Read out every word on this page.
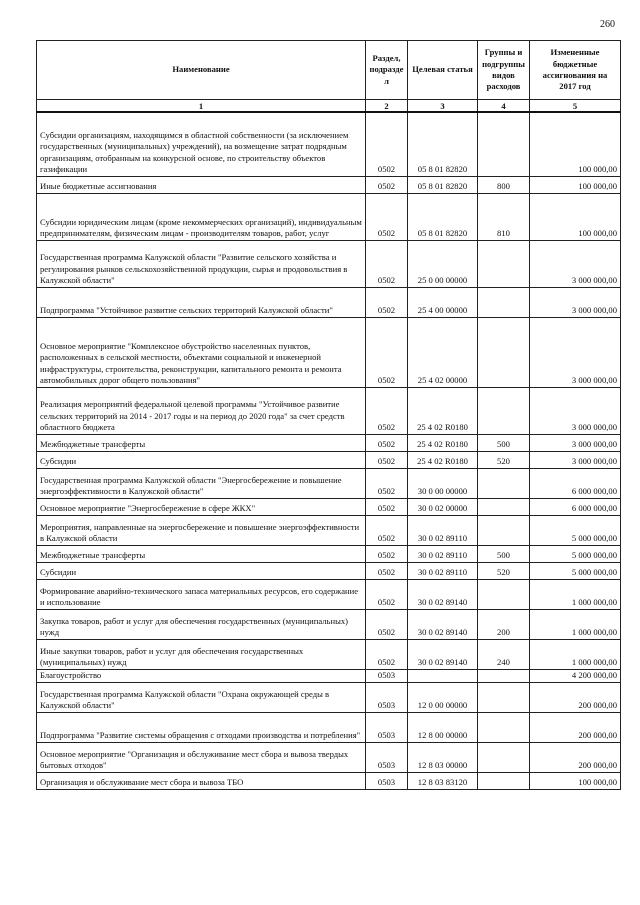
260
Наименование	Раздел, подразде л	Целевая статья	Группы и подгруппы видов расходов	Измененные бюджетные ассигнования на 2017 год
1	2	3	4	5
Субсидии организациям, находящимся в областной собственности (за исключением государственных (муниципальных) учреждений), на возмещение затрат подрядным организациям, отобранным на конкурсной основе, по строительству объектов газификации	0502	05 8 01 82820		100 000,00
Иные бюджетные ассигнования	0502	05 8 01 82820	800	100 000,00
Субсидии юридическим лицам (кроме некоммерческих организаций), индивидуальным предпринимателям, физическим лицам - производителям товаров, работ, услуг	0502	05 8 01 82820	810	100 000,00
Государственная программа Калужской области "Развитие сельского хозяйства и регулирования рынков сельскохозяйственной продукции, сырья и продовольствия в Калужской области"	0502	25 0 00 00000		3 000 000,00
Подпрограмма "Устойчивое развитие сельских территорий Калужской области"	0502	25 4 00 00000		3 000 000,00
Основное мероприятие "Комплексное обустройство населенных пунктов, расположенных в сельской местности, объектами социальной и инженерной инфраструктуры, строительства, реконструкции, капитального ремонта и ремонта автомобильных дорог общего пользования"	0502	25 4 02 00000		3 000 000,00
Реализация мероприятий федеральной целевой программы "Устойчивое развитие сельских территорий на 2014 - 2017 годы и на период до 2020 года" за счет средств областного бюджета	0502	25 4 02 R0180		3 000 000,00
Межбюджетные трансферты	0502	25 4 02 R0180	500	3 000 000,00
Субсидии	0502	25 4 02 R0180	520	3 000 000,00
Государственная программа Калужской области "Энергосбережение и повышение энергоэффективности в Калужской области"	0502	30 0 00 00000		6 000 000,00
Основное мероприятие "Энергосбережение в сфере ЖКХ"	0502	30 0 02 00000		6 000 000,00
Мероприятия, направленные на энергосбережение и повышение энергоэффективности в Калужской области	0502	30 0 02 89110		5 000 000,00
Межбюджетные трансферты	0502	30 0 02 89110	500	5 000 000,00
Субсидии	0502	30 0 02 89110	520	5 000 000,00
Формирование аварийно-технического запаса материальных ресурсов, его содержание и использование	0502	30 0 02 89140		1 000 000,00
Закупка товаров, работ и услуг для обеспечения государственных (муниципальных) нужд	0502	30 0 02 89140	200	1 000 000,00
Иные закупки товаров, работ и услуг для обеспечения государственных (муниципальных) нужд	0502	30 0 02 89140	240	1 000 000,00
Благоустройство	0503			4 200 000,00
Государственная программа Калужской области "Охрана окружающей среды в Калужской области"	0503	12 0 00 00000		200 000,00
Подпрограмма "Развитие системы обращения с отходами производства и потребления"	0503	12 8 00 00000		200 000,00
Основное мероприятие "Организация и обслуживание мест сбора и вывоза твердых бытовых отходов"	0503	12 8 03 00000		200 000,00
Организация и обслуживание мест сбора и вывоза ТБО	0503	12 8 03 83120		100 000,00
